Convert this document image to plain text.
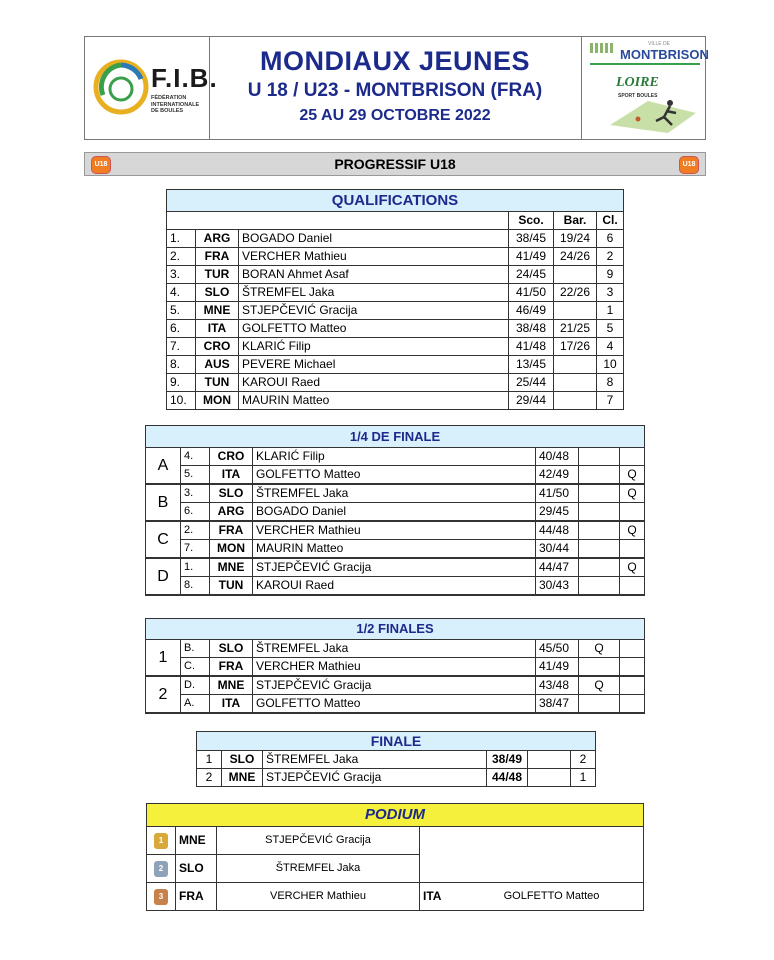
F.I.B.
FÉDÉRATION INTERNATIONALE DE BOULES
MONDIAUX JEUNES
U 18 / U23 - MONTBRISON (FRA)
25 AU 29 OCTOBRE 2022
VILLE DE
MONTBRISON
LOIRE
SPORT BOULES
U18	PROGRESSIF U18	U18
QUALIFICATIONS					
			Sco.	Bar.	Cl.
1.	ARG	BOGADO Daniel	38/45	19/24	6
2.	FRA	VERCHER Mathieu	41/49	24/26	2
3.	TUR	BORAN Ahmet Asaf	24/45		9
4.	SLO	ŠTREMFEL Jaka	41/50	22/26	3
5.	MNE	STJEPČEVIĆ Gracija	46/49		1
6.	ITA	GOLFETTO Matteo	38/48	21/25	5
7.	CRO	KLARIĆ Filip	41/48	17/26	4
8.	AUS	PEVERE Michael	13/45		10
9.	TUN	KAROUI Raed	25/44		8
10.	MON	MAURIN Matteo	29/44		7
1/4 DE FINALE						
A	4.	CRO	KLARIĆ Filip	40/48		
	5.	ITA	GOLFETTO Matteo	42/49		Q
B	3.	SLO	ŠTREMFEL Jaka	41/50		Q
	6.	ARG	BOGADO Daniel	29/45		
C	2.	FRA	VERCHER Mathieu	44/48		Q
	7.	MON	MAURIN Matteo	30/44		
D	1.	MNE	STJEPČEVIĆ Gracija	44/47		Q
	8.	TUN	KAROUI Raed	30/43		
1/2 FINALES						
1	B.	SLO	ŠTREMFEL Jaka	45/50	Q	
	C.	FRA	VERCHER Mathieu	41/49		
2	D.	MNE	STJEPČEVIĆ Gracija	43/48	Q	
	A.	ITA	GOLFETTO Matteo	38/47		
FINALE					
1	SLO	ŠTREMFEL Jaka	38/49		2
2	MNE	STJEPČEVIĆ Gracija	44/48		1
PODIUM				
1	MNE	STJEPČEVIĆ Gracija		
2	SLO	ŠTREMFEL Jaka		
3	FRA	VERCHER Mathieu	ITA	GOLFETTO Matteo
